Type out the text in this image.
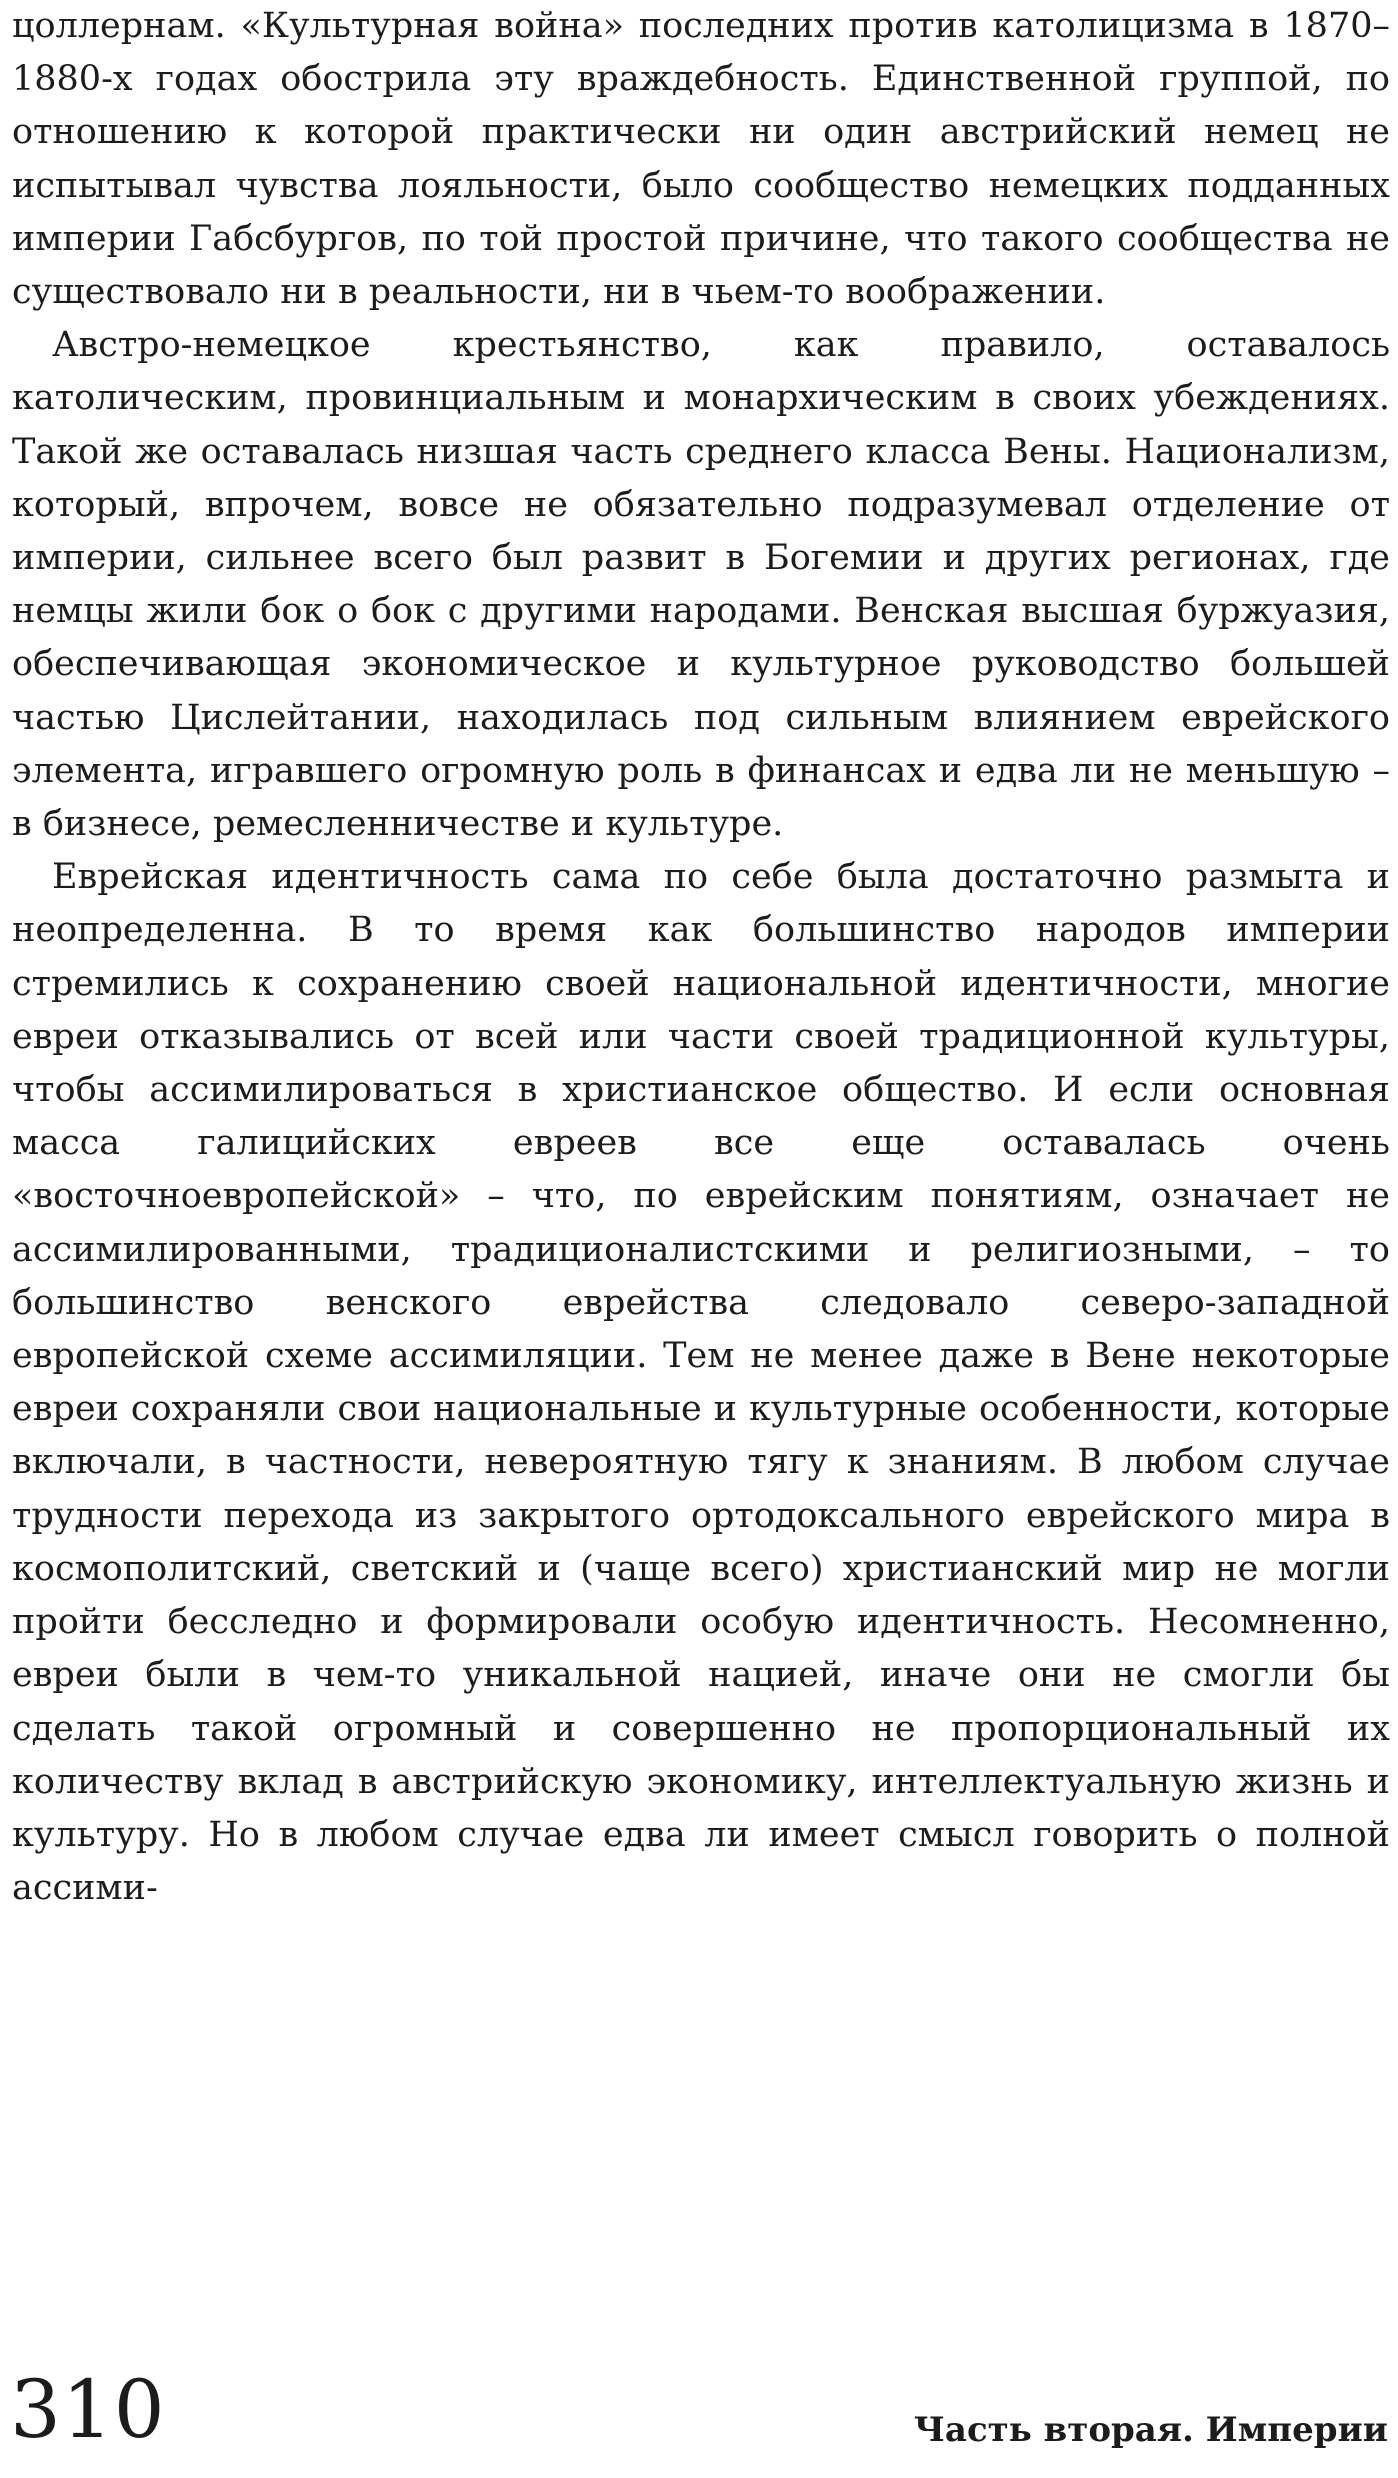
цоллернам. «Культурная война» последних против католицизма в 1870–1880-х годах обострила эту враждебность. Единственной группой, по отношению к которой практически ни один австрийский немец не испытывал чувства лояльности, было сообщество немецких подданных империи Габсбургов, по той простой причине, что такого сообщества не существовало ни в реальности, ни в чьем-то воображении.

Австро-немецкое крестьянство, как правило, оставалось католическим, провинциальным и монархическим в своих убеждениях. Такой же оставалась низшая часть среднего класса Вены. Национализм, который, впрочем, вовсе не обязательно подразумевал отделение от империи, сильнее всего был развит в Богемии и других регионах, где немцы жили бок о бок с другими народами. Венская высшая буржуазия, обеспечивающая экономическое и культурное руководство большей частью Цислейтании, находилась под сильным влиянием еврейского элемента, игравшего огромную роль в финансах и едва ли не меньшую – в бизнесе, ремесленничестве и культуре.

Еврейская идентичность сама по себе была достаточно размыта и неопределенна. В то время как большинство народов империи стремились к сохранению своей национальной идентичности, многие евреи отказывались от всей или части своей традиционной культуры, чтобы ассимилироваться в христианское общество. И если основная масса галицийских евреев все еще оставалась очень «восточноевропейской» – что, по еврейским понятиям, означает не ассимилированными, традиционалистскими и религиозными, – то большинство венского еврейства следовало северо-западной европейской схеме ассимиляции. Тем не менее даже в Вене некоторые евреи сохраняли свои национальные и культурные особенности, которые включали, в частности, невероятную тягу к знаниям. В любом случае трудности перехода из закрытого ортодоксального еврейского мира в космополитский, светский и (чаще всего) христианский мир не могли пройти бесследно и формировали особую идентичность. Несомненно, евреи были в чем-то уникальной нацией, иначе они не смогли бы сделать такой огромный и совершенно не пропорциональный их количеству вклад в австрийскую экономику, интеллектуальную жизнь и культуру. Но в любом случае едва ли имеет смысл говорить о полной ассими-

310	Часть вторая. Империи
